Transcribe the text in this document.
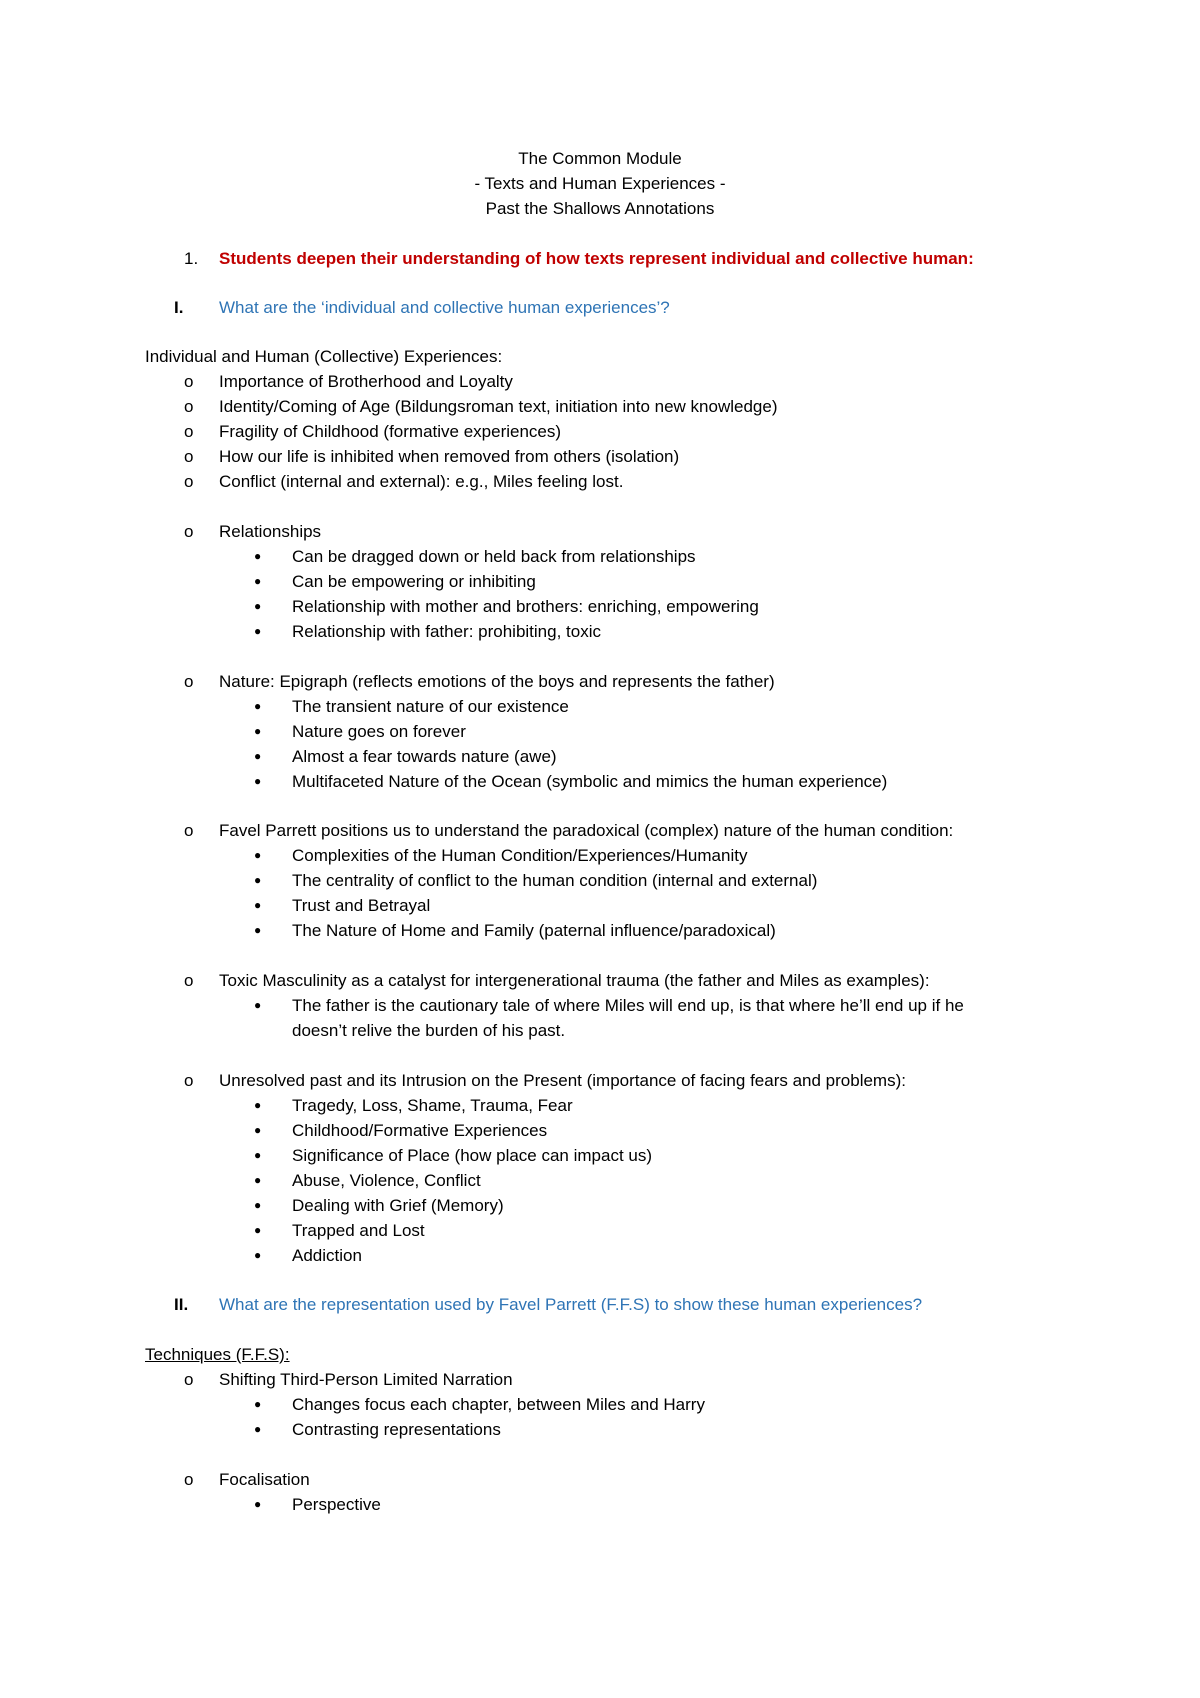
The Common Module
- Texts and Human Experiences -
Past the Shallows Annotations
1. Students deepen their understanding of how texts represent individual and collective human:
I. What are the ‘individual and collective human experiences’?
Individual and Human (Collective) Experiences:
o Importance of Brotherhood and Loyalty
o Identity/Coming of Age (Bildungsroman text, initiation into new knowledge)
o Fragility of Childhood (formative experiences)
o How our life is inhibited when removed from others (isolation)
o Conflict (internal and external): e.g., Miles feeling lost.
o Relationships
● Can be dragged down or held back from relationships
● Can be empowering or inhibiting
● Relationship with mother and brothers: enriching, empowering
● Relationship with father: prohibiting, toxic
o Nature: Epigraph (reflects emotions of the boys and represents the father)
● The transient nature of our existence
● Nature goes on forever
● Almost a fear towards nature (awe)
● Multifaceted Nature of the Ocean (symbolic and mimics the human experience)
o Favel Parrett positions us to understand the paradoxical (complex) nature of the human condition:
● Complexities of the Human Condition/Experiences/Humanity
● The centrality of conflict to the human condition (internal and external)
● Trust and Betrayal
● The Nature of Home and Family (paternal influence/paradoxical)
o Toxic Masculinity as a catalyst for intergenerational trauma (the father and Miles as examples):
● The father is the cautionary tale of where Miles will end up, is that where he’ll end up if he
doesn’t relive the burden of his past.
o Unresolved past and its Intrusion on the Present (importance of facing fears and problems):
● Tragedy, Loss, Shame, Trauma, Fear
● Childhood/Formative Experiences
● Significance of Place (how place can impact us)
● Abuse, Violence, Conflict
● Dealing with Grief (Memory)
● Trapped and Lost
● Addiction
II. What are the representation used by Favel Parrett (F.F.S) to show these human experiences?
Techniques (F.F.S):
o Shifting Third-Person Limited Narration
● Changes focus each chapter, between Miles and Harry
● Contrasting representations
o Focalisation
● Perspective
